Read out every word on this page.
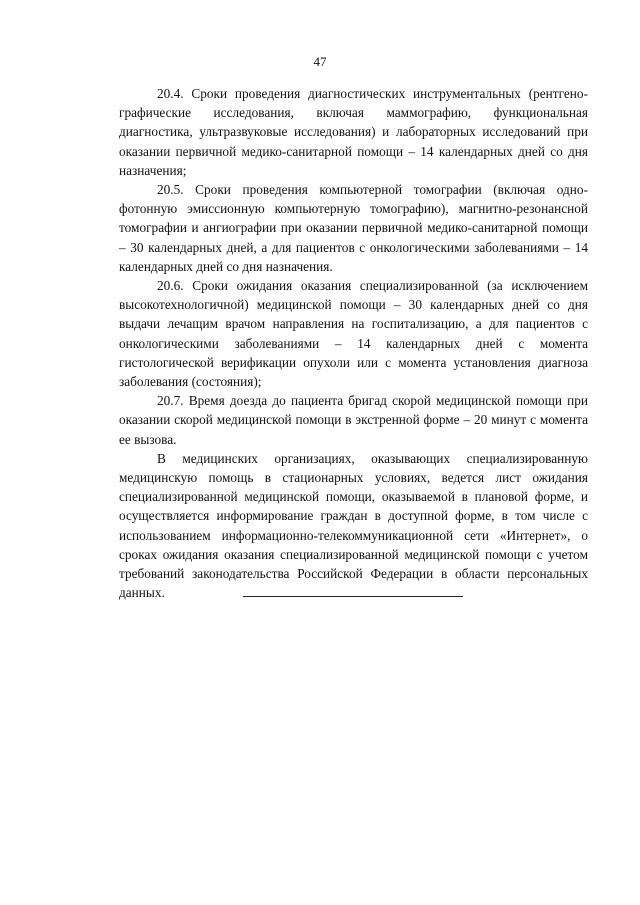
47

20.4. Сроки проведения диагностических инструментальных (рентгенографические исследования, включая маммографию, функциональная диагностика, ультразвуковые исследования) и лабораторных исследований при оказании первичной медико-санитарной помощи – 14 календарных дней со дня назначения;

20.5. Сроки проведения компьютерной томографии (включая однофотонную эмиссионную компьютерную томографию), магнитно-резонансной томографии и ангиографии при оказании первичной медико-санитарной помощи – 30 календарных дней, а для пациентов с онкологическими заболеваниями – 14 календарных дней со дня назначения.

20.6. Сроки ожидания оказания специализированной (за исключением высокотехнологичной) медицинской помощи – 30 календарных дней со дня выдачи лечащим врачом направления на госпитализацию, а для пациентов с онкологическими заболеваниями – 14 календарных дней с момента гистологической верификации опухоли или с момента установления диагноза заболевания (состояния);

20.7. Время доезда до пациента бригад скорой медицинской помощи при оказании скорой медицинской помощи в экстренной форме – 20 минут с момента ее вызова.

В медицинских организациях, оказывающих специализированную медицинскую помощь в стационарных условиях, ведется лист ожидания специализированной медицинской помощи, оказываемой в плановой форме, и осуществляется информирование граждан в доступной форме, в том числе с использованием информационно-телекоммуникационной сети «Интернет», о сроках ожидания оказания специализированной медицинской помощи с учетом требований законодательства Российской Федерации в области персональных данных.
